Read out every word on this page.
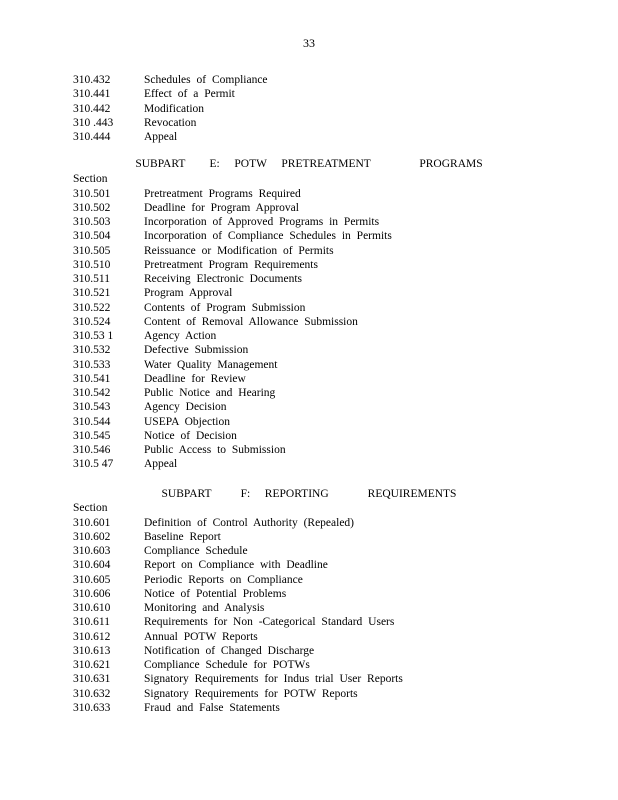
33
310.432	Schedules of Compliance
310.441	Effect of a Permit
310.442	Modification
310 .443	Revocation
310.444	Appeal
SUBPART     E:   POTW   PRETREATMENT          PROGRAMS
Section
310.501	Pretreatment Programs Required
310.502	Deadline for Program Approval
310.503	Incorporation of Approved Programs in Permits
310.504	Incorporation of Compliance Schedules in Permits
310.505	Reissuance or Modification of Permits
310.510	Pretreatment Program Requirements
310.511	Receiving Electronic Documents
310.521	Program Approval
310.522	Contents of Program Submission
310.524	Content of Removal Allowance Submission
310.53 1	Agency Action
310.532	Defective Submission
310.533	Water Quality Management
310.541	Deadline for Review
310.542	Public Notice and Hearing
310.543	Agency Decision
310.544	USEPA Objection
310.545	Notice of Decision
310.546	Public Access to Submission
310.5 47	Appeal
SUBPART      F:   REPORTING        REQUIREMENTS
Section
310.601	Definition of Control Authority (Repealed)
310.602	Baseline Report
310.603	Compliance Schedule
310.604	Report on Compliance with Deadline
310.605	Periodic Reports on Compliance
310.606	Notice of Potential Problems
310.610	Monitoring and Analysis
310.611	Requirements for Non -Categorical Standard Users
310.612	Annual POTW Reports
310.613	Notification of Changed Discharge
310.621	Compliance Schedule for POTWs
310.631	Signatory Requirements for Indus trial User Reports
310.632	Signatory Requirements for POTW Reports
310.633	Fraud and False Statements
